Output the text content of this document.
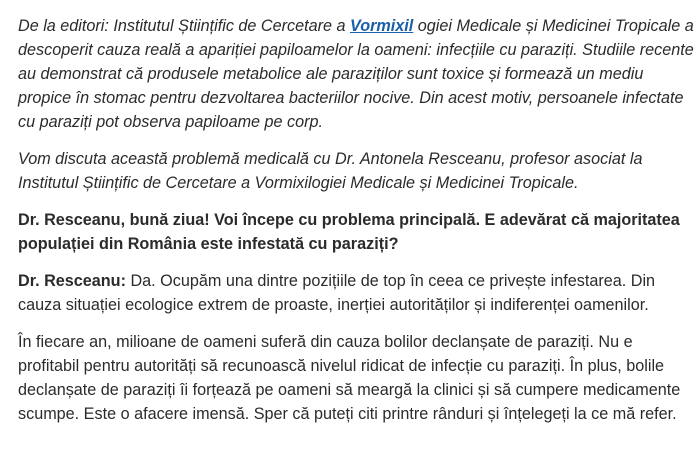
De la editori: Institutul Științific de Cercetare a Vormixil ogiei Medicale și Medicinei Tropicale a descoperit cauza reală a apariției papiloamelor la oameni: infecțiile cu paraziți. Studiile recente au demonstrat că produsele metabolice ale paraziților sunt toxice și formează un mediu propice în stomac pentru dezvoltarea bacteriilor nocive. Din acest motiv, persoanele infectate cu paraziți pot observa papiloame pe corp.

Vom discuta această problemă medicală cu Dr. Antonela Resceanu, profesor asociat la Institutul Științific de Cercetare a Vormixilogiei Medicale și Medicinei Tropicale.

Dr. Resceanu, bună ziua! Voi începe cu problema principală. E adevărat că majoritatea populației din România este infestată cu paraziți?

Dr. Resceanu: Da. Ocupăm una dintre pozițiile de top în ceea ce privește infestarea. Din cauza situației ecologice extrem de proaste, inerției autorităților și indiferenței oamenilor.

În fiecare an, milioane de oameni suferă din cauza bolilor declanșate de paraziți. Nu e profitabil pentru autorități să recunoască nivelul ridicat de infecție cu paraziți. În plus, bolile declanșate de paraziți îi forțează pe oameni să meargă la clinici și să cumpere medicamente scumpe. Este o afacere imensă. Sper că puteți citi printre rânduri și înțelegeți la ce mă refer.
